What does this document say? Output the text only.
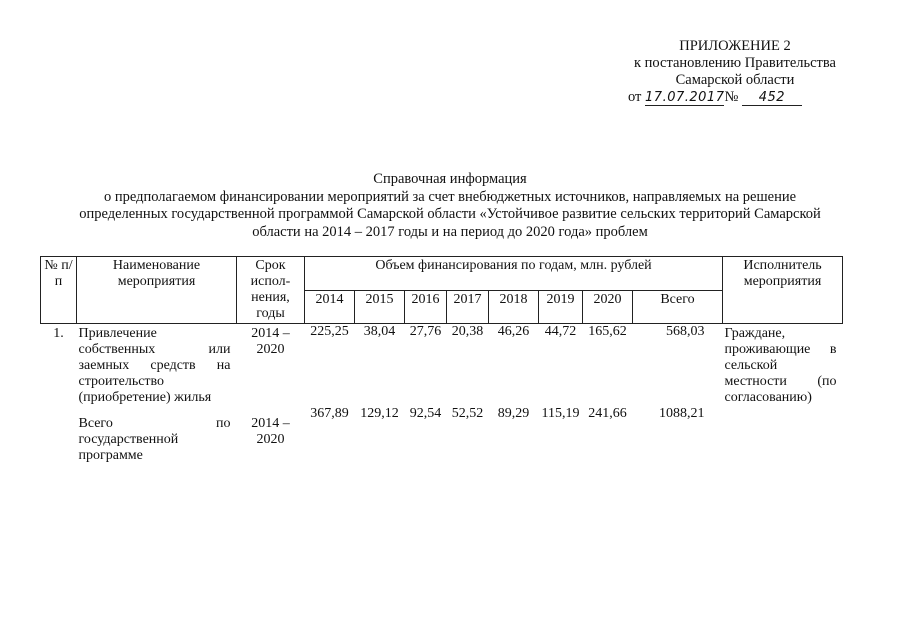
ПРИЛОЖЕНИЕ 2
к постановлению Правительства
Самарской области
от 17.07.2017№ 452
Справочная информация
о предполагаемом финансировании мероприятий за счет внебюджетных источников, направляемых на решение
определенных государственной программой Самарской области «Устойчивое развитие сельских территорий Самарской
области на 2014 – 2017 годы и на период до 2020 года» проблем
№ п/п	Наименование мероприятия	Срок испол-нения, годы	Объем финансирования по годам, млн. рублей								Исполнитель мероприятия
			2014	2015	2016	2017	2018	2019	2020	Всего	
1.	Привлечение собственных или заемных средств на строительство (приобретение) жилья	2014 – 2020	225,25	38,04	27,76	20,38	46,26	44,72	165,62	568,03	Граждане, проживающие в сельской местности (по согласованию)
	Всего по государственной программе	2014 – 2020	367,89	129,12	92,54	52,52	89,29	115,19	241,66	1088,21	
